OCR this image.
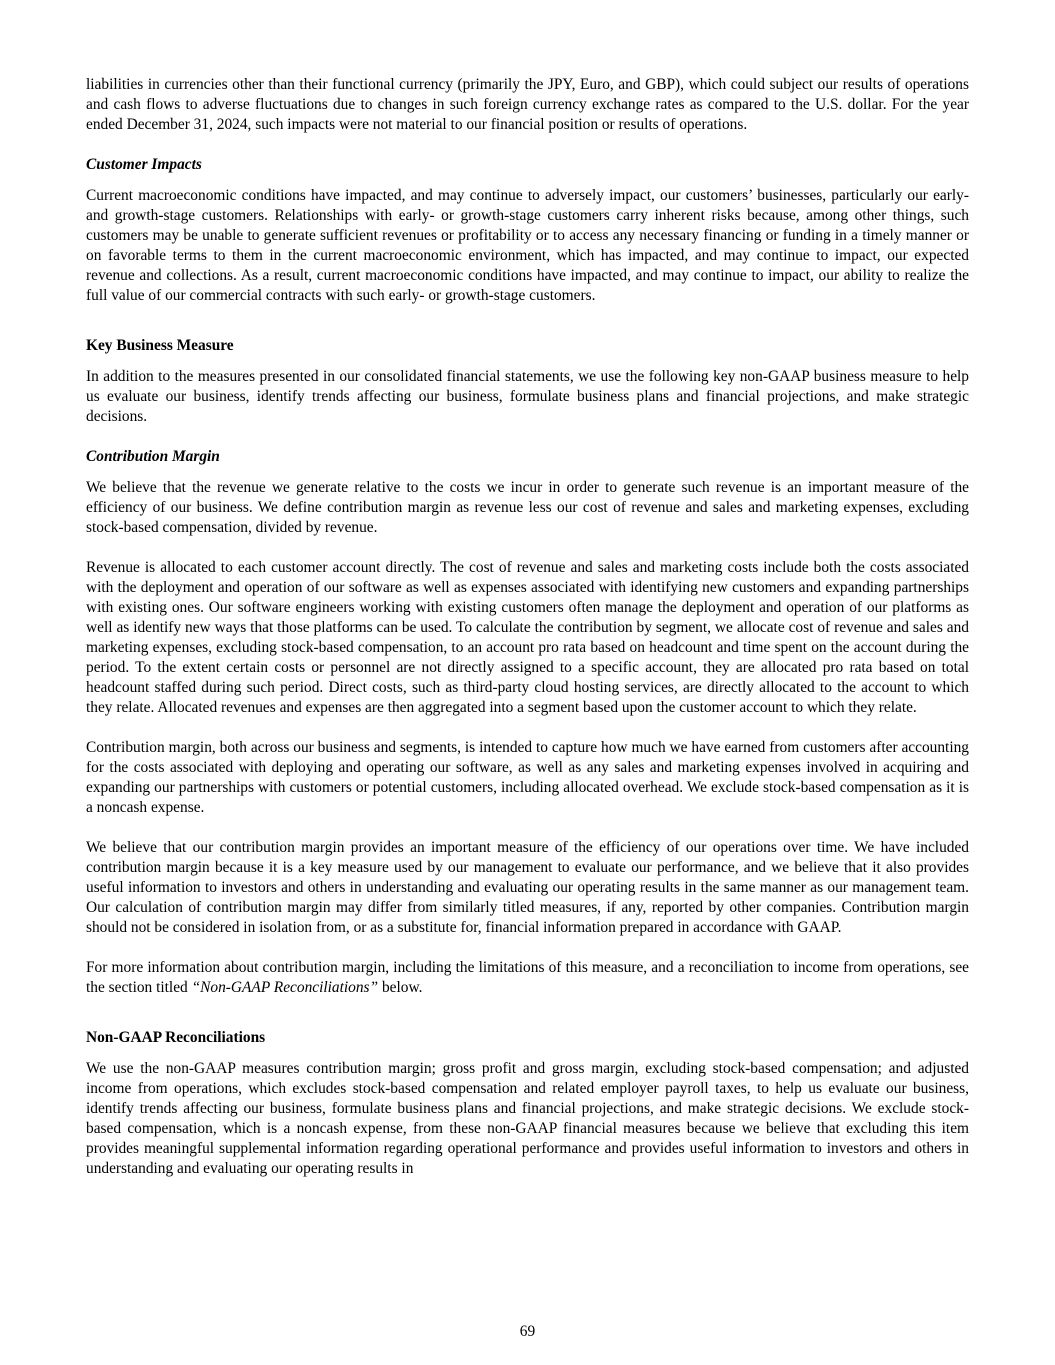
liabilities in currencies other than their functional currency (primarily the JPY, Euro, and GBP), which could subject our results of operations and cash flows to adverse fluctuations due to changes in such foreign currency exchange rates as compared to the U.S. dollar. For the year ended December 31, 2024, such impacts were not material to our financial position or results of operations.

Customer Impacts

Current macroeconomic conditions have impacted, and may continue to adversely impact, our customers’ businesses, particularly our early- and growth-stage customers. Relationships with early- or growth-stage customers carry inherent risks because, among other things, such customers may be unable to generate sufficient revenues or profitability or to access any necessary financing or funding in a timely manner or on favorable terms to them in the current macroeconomic environment, which has impacted, and may continue to impact, our expected revenue and collections. As a result, current macroeconomic conditions have impacted, and may continue to impact, our ability to realize the full value of our commercial contracts with such early- or growth-stage customers.

Key Business Measure

In addition to the measures presented in our consolidated financial statements, we use the following key non-GAAP business measure to help us evaluate our business, identify trends affecting our business, formulate business plans and financial projections, and make strategic decisions.

Contribution Margin

We believe that the revenue we generate relative to the costs we incur in order to generate such revenue is an important measure of the efficiency of our business. We define contribution margin as revenue less our cost of revenue and sales and marketing expenses, excluding stock-based compensation, divided by revenue.

Revenue is allocated to each customer account directly. The cost of revenue and sales and marketing costs include both the costs associated with the deployment and operation of our software as well as expenses associated with identifying new customers and expanding partnerships with existing ones. Our software engineers working with existing customers often manage the deployment and operation of our platforms as well as identify new ways that those platforms can be used. To calculate the contribution by segment, we allocate cost of revenue and sales and marketing expenses, excluding stock-based compensation, to an account pro rata based on headcount and time spent on the account during the period. To the extent certain costs or personnel are not directly assigned to a specific account, they are allocated pro rata based on total headcount staffed during such period. Direct costs, such as third-party cloud hosting services, are directly allocated to the account to which they relate. Allocated revenues and expenses are then aggregated into a segment based upon the customer account to which they relate.

Contribution margin, both across our business and segments, is intended to capture how much we have earned from customers after accounting for the costs associated with deploying and operating our software, as well as any sales and marketing expenses involved in acquiring and expanding our partnerships with customers or potential customers, including allocated overhead. We exclude stock-based compensation as it is a noncash expense.

We believe that our contribution margin provides an important measure of the efficiency of our operations over time. We have included contribution margin because it is a key measure used by our management to evaluate our performance, and we believe that it also provides useful information to investors and others in understanding and evaluating our operating results in the same manner as our management team. Our calculation of contribution margin may differ from similarly titled measures, if any, reported by other companies. Contribution margin should not be considered in isolation from, or as a substitute for, financial information prepared in accordance with GAAP.

For more information about contribution margin, including the limitations of this measure, and a reconciliation to income from operations, see the section titled “Non-GAAP Reconciliations” below.

Non-GAAP Reconciliations

We use the non-GAAP measures contribution margin; gross profit and gross margin, excluding stock-based compensation; and adjusted income from operations, which excludes stock-based compensation and related employer payroll taxes, to help us evaluate our business, identify trends affecting our business, formulate business plans and financial projections, and make strategic decisions. We exclude stock-based compensation, which is a noncash expense, from these non-GAAP financial measures because we believe that excluding this item provides meaningful supplemental information regarding operational performance and provides useful information to investors and others in understanding and evaluating our operating results in

69
